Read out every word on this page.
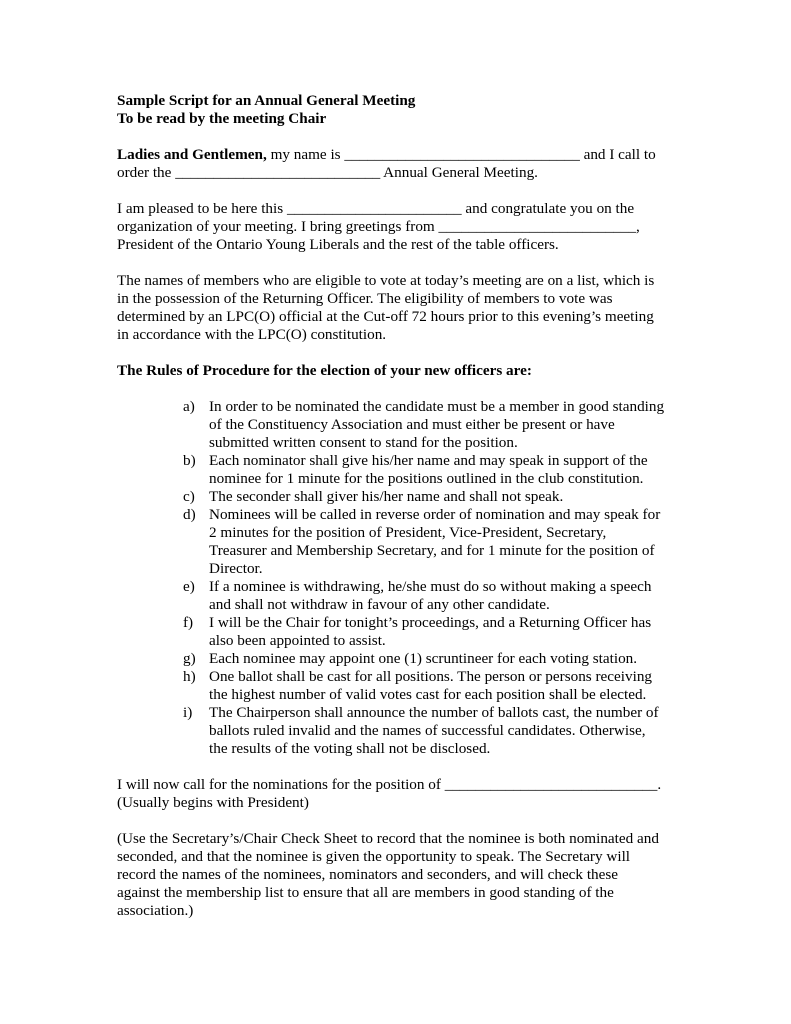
Sample Script for an Annual General Meeting

To be read by the meeting Chair

Ladies and Gentlemen, my name is _______________________________ and I call to

order the ___________________________ Annual General Meeting.

I am pleased to be here this _______________________ and congratulate you on the

organization of your meeting. I bring greetings from __________________________,

President of the Ontario Young Liberals and the rest of the table officers.

The names of members who are eligible to vote at today’s meeting are on a list, which is

in the possession of the Returning Officer. The eligibility of members to vote was

determined by an LPC(O) official at the Cut-off 72 hours prior to this evening’s meeting

in accordance with the LPC(O) constitution.

The Rules of Procedure for the election of your new officers are:

a) In order to be nominated the candidate must be a member in good standing

of the Constituency Association and must either be present or have

submitted written consent to stand for the position.

b) Each nominator shall give his/her name and may speak in support of the

nominee for 1 minute for the positions outlined in the club constitution.

c) The seconder shall giver his/her name and shall not speak.

d) Nominees will be called in reverse order of nomination and may speak for

2 minutes for the position of President, Vice-President, Secretary,

Treasurer and Membership Secretary, and for 1 minute for the position of

Director.

e) If a nominee is withdrawing, he/she must do so without making a speech

and shall not withdraw in favour of any other candidate.

f)	I will be the Chair for tonight’s proceedings, and a Returning Officer has

also been appointed to assist.

g) Each nominee may appoint one (1) scruntineer for each voting station.

h) One ballot shall be cast for all positions. The person or persons receiving

the highest number of valid votes cast for each position shall be elected.

i)	The Chairperson shall announce the number of ballots cast, the number of

ballots ruled invalid and the names of successful candidates. Otherwise,

the results of the voting shall not be disclosed.

I will now call for the nominations for the position of ____________________________.

(Usually begins with President)

(Use the Secretary’s/Chair Check Sheet to record that the nominee is both nominated and

seconded, and that the nominee is given the opportunity to speak. The Secretary will

record the names of the nominees, nominators and seconders, and will check these

against the membership list to ensure that all are members in good standing of the

association.)
